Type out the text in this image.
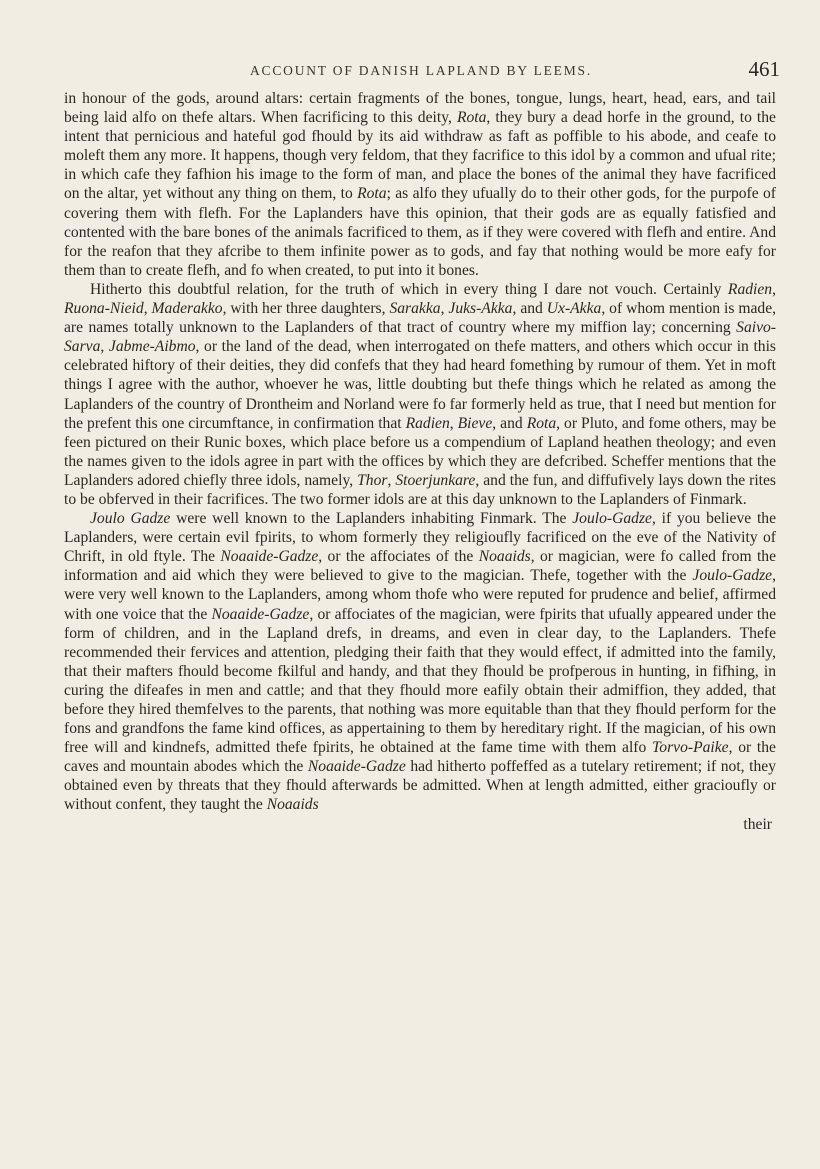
ACCOUNT OF DANISH LAPLAND BY LEEMS.	461

in honour of the gods, around altars: certain fragments of the bones, tongue, lungs, heart, head, ears, and tail being laid alfo on thefe altars. When facrificing to this deity, Rota, they bury a dead horfe in the ground, to the intent that pernicious and hateful god fhould by its aid withdraw as faft as poffible to his abode, and ceafe to moleft them any more. It happens, though very feldom, that they facrifice to this idol by a common and ufual rite; in which cafe they fafhion his image to the form of man, and place the bones of the animal they have facrificed on the altar, yet without any thing on them, to Rota; as alfo they ufually do to their other gods, for the purpofe of covering them with flefh. For the Laplanders have this opinion, that their gods are as equally fatisfied and contented with the bare bones of the animals facrificed to them, as if they were covered with flefh and entire. And for the reafon that they afcribe to them infinite power as to gods, and fay that nothing would be more eafy for them than to create flefh, and fo when created, to put into it bones.

Hitherto this doubtful relation, for the truth of which in every thing I dare not vouch. Certainly Radien, Ruona-Nieid, Maderakko, with her three daughters, Sarakka, Juks-Akka, and Ux-Akka, of whom mention is made, are names totally unknown to the Laplanders of that tract of country where my miffion lay; concerning Saivo-Sarva, Jabme-Aibmo, or the land of the dead, when interrogated on thefe matters, and others which occur in this celebrated hiftory of their deities, they did confefs that they had heard fomething by rumour of them. Yet in moft things I agree with the author, whoever he was, little doubting but thefe things which he related as among the Laplanders of the country of Drontheim and Norland were fo far formerly held as true, that I need but mention for the prefent this one circumftance, in confirmation that Radien, Bieve, and Rota, or Pluto, and fome others, may be feen pictured on their Runic boxes, which place before us a compendium of Lapland heathen theology; and even the names given to the idols agree in part with the offices by which they are defcribed. Scheffer mentions that the Laplanders adored chiefly three idols, namely, Thor, Stoerjunkare, and the fun, and diffufively lays down the rites to be obferved in their facrifices. The two former idols are at this day unknown to the Laplanders of Finmark.

Joulo Gadze were well known to the Laplanders inhabiting Finmark. The Joulo-Gadze, if you believe the Laplanders, were certain evil fpirits, to whom formerly they religioufly facrificed on the eve of the Nativity of Chrift, in old ftyle. The Noaaide-Gadze, or the affociates of the Noaaids, or magician, were fo called from the information and aid which they were believed to give to the magician. Thefe, together with the Joulo-Gadze, were very well known to the Laplanders, among whom thofe who were reputed for prudence and belief, affirmed with one voice that the Noaaide-Gadze, or affociates of the magician, were fpirits that ufually appeared under the form of children, and in the Lapland drefs, in dreams, and even in clear day, to the Laplanders. Thefe recommended their fervices and attention, pledging their faith that they would effect, if admitted into the family, that their mafters fhould become fkilful and handy, and that they fhould be profperous in hunting, in fifhing, in curing the difeafes in men and cattle; and that they fhould more eafily obtain their admiffion, they added, that before they hired themfelves to the parents, that nothing was more equitable than that they fhould perform for the fons and grandfons the fame kind offices, as appertaining to them by hereditary right. If the magician, of his own free will and kindnefs, admitted thefe fpirits, he obtained at the fame time with them alfo Torvo-Paike, or the caves and mountain abodes which the Noaaide-Gadze had hitherto poffeffed as a tutelary retirement; if not, they obtained even by threats that they fhould afterwards be admitted. When at length admitted, either gracioufly or without confent, they taught the Noaaids

their
